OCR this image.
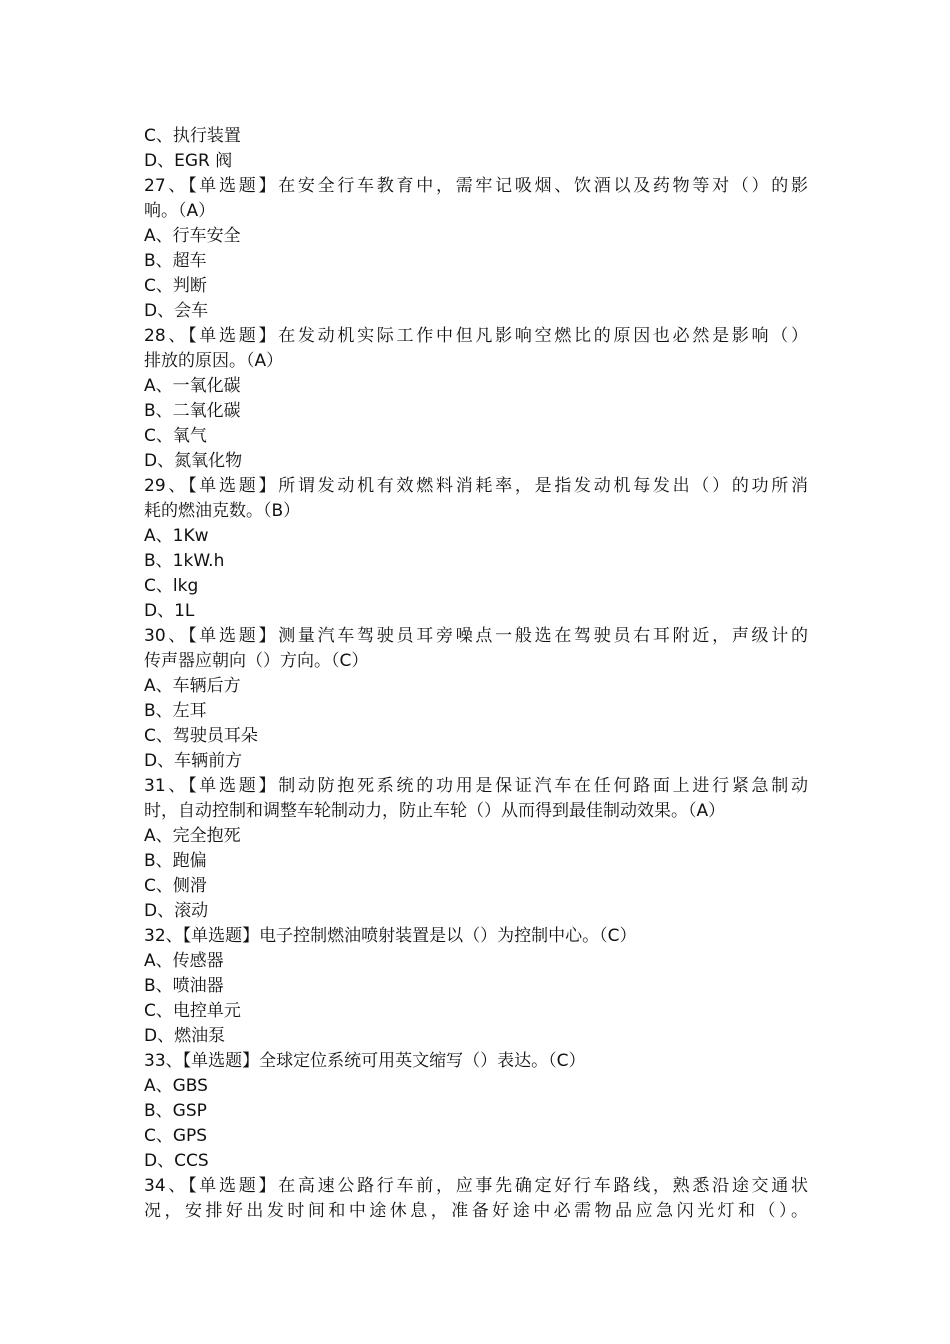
C、执行装置
D、EGR 阀
27、【单选题】在安全行车教育中，需牢记吸烟、饮酒以及药物等对（）的影
响。（A）
A、行车安全
B、超车
C、判断
D、会车
28、【单选题】在发动机实际工作中但凡影响空燃比的原因也必然是影响（）
排放的原因。（A）
A、一氧化碳
B、二氧化碳
C、氧气
D、氮氧化物
29、【单选题】所谓发动机有效燃料消耗率，是指发动机每发出（）的功所消
耗的燃油克数。（B）
A、1Kw
B、1kW.h
C、lkg
D、1L
30、【单选题】测量汽车驾驶员耳旁噪点一般选在驾驶员右耳附近，声级计的
传声器应朝向（）方向。（C）
A、车辆后方
B、左耳
C、驾驶员耳朵
D、车辆前方
31、【单选题】制动防抱死系统的功用是保证汽车在任何路面上进行紧急制动
时，自动控制和调整车轮制动力，防止车轮（）从而得到最佳制动效果。（A）
A、完全抱死
B、跑偏
C、侧滑
D、滚动
32、【单选题】电子控制燃油喷射装置是以（）为控制中心。（C）
A、传感器
B、喷油器
C、电控单元
D、燃油泵
33、【单选题】全球定位系统可用英文缩写（）表达。（C）
A、GBS
B、GSP
C、GPS
D、CCS
34、【单选题】在高速公路行车前，应事先确定好行车路线，熟悉沿途交通状
况，安排好出发时间和中途休息，准备好途中必需物品应急闪光灯和（）。
